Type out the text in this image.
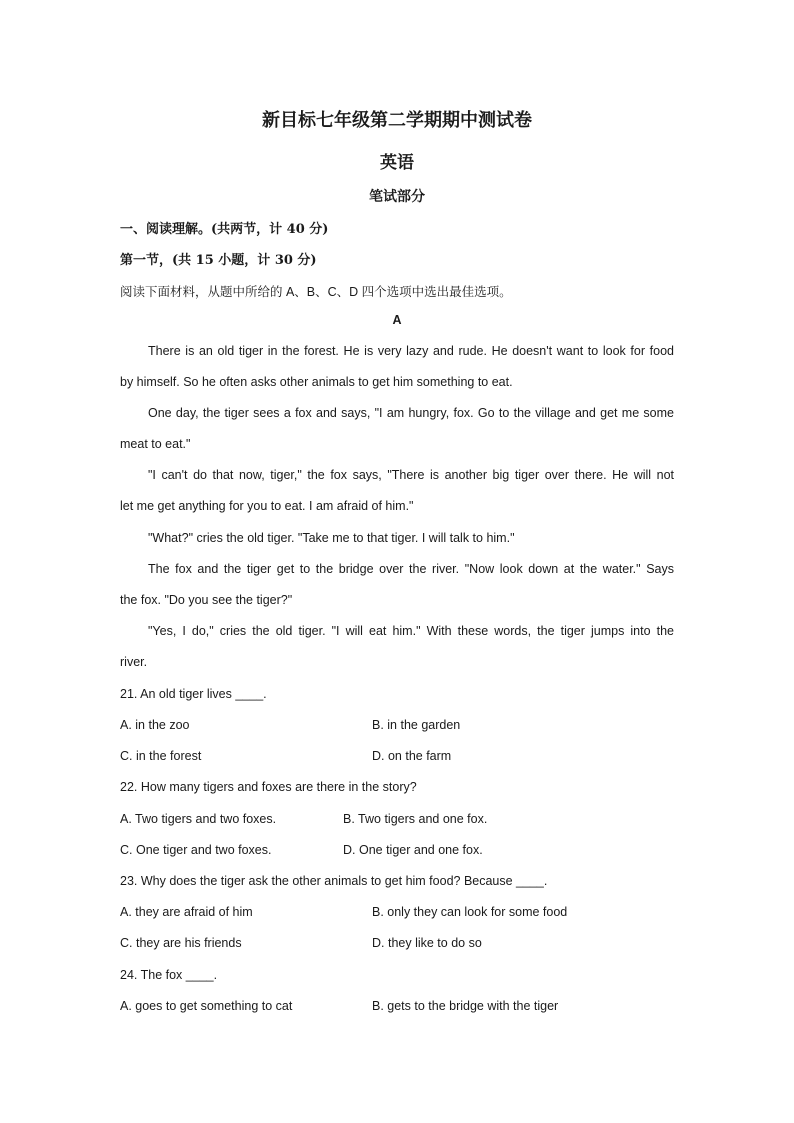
新目标七年级第二学期期中测试卷
英语
笔试部分
一、阅读理解。(共两节，计 40 分)
第一节，(共 15 小题，计 30 分)
阅读下面材料，从题中所给的 A、B、C、D 四个选项中选出最佳选项。
A
There is an old tiger in the forest. He is very lazy and rude. He doesn't want to look for food
by himself. So he often asks other animals to get him something to eat.
One day, the tiger sees a fox and says, "I am hungry, fox. Go to the village and get me some
meat to eat."
"I can't do that now, tiger," the fox says, "There is another big tiger over there. He will not
let me get anything for you to eat. I am afraid of him."
"What?" cries the old tiger. "Take me to that tiger. I will talk to him."
The fox and the tiger get to the bridge over the river. "Now look down at the water." Says
the fox. "Do you see the tiger?"
"Yes, I do," cries the old tiger. "I will eat him." With these words, the tiger jumps into the
river.
21. An old tiger lives ____.
A. in the zoo	B. in the garden
C. in the forest	D. on the farm
22. How many tigers and foxes are there in the story?
A. Two tigers and two foxes.	B. Two tigers and one fox.
C. One tiger and two foxes.	D. One tiger and one fox.
23. Why does the tiger ask the other animals to get him food? Because ____.
A. they are afraid of him	B. only they can look for some food
C. they are his friends	D. they like to do so
24. The fox ____.
A. goes to get something to cat	B. gets to the bridge with the tiger
